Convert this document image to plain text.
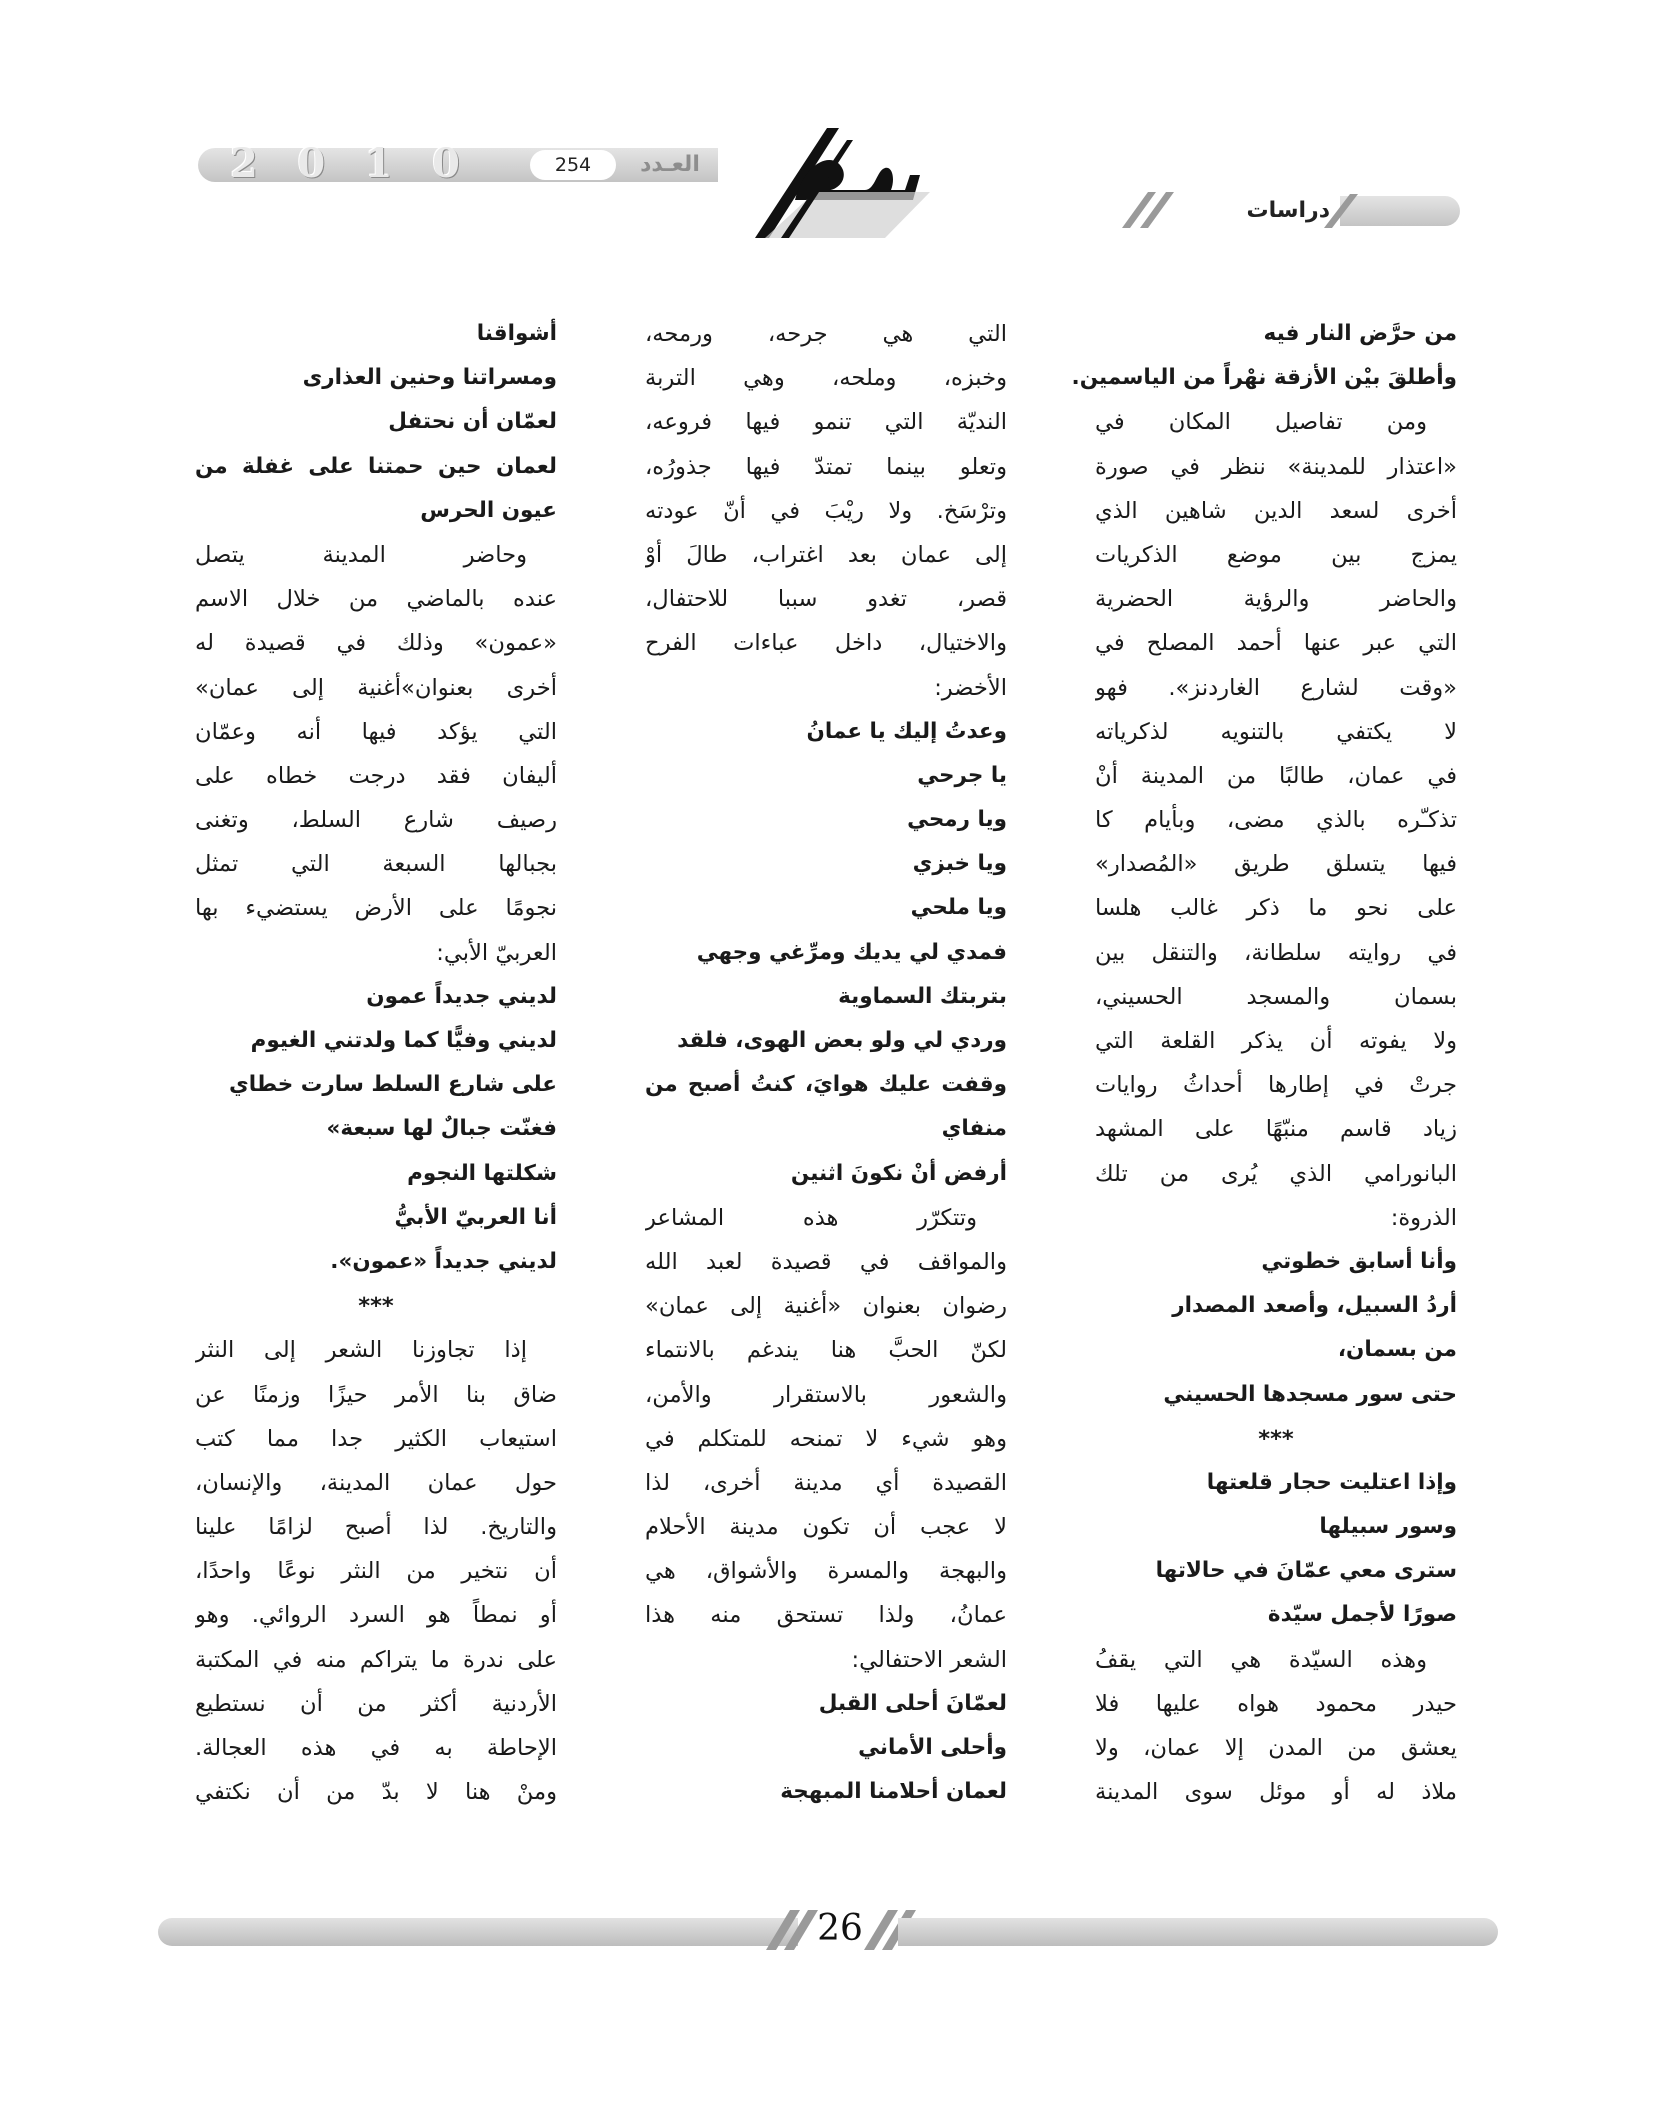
2 0 1 0	254	العـدد
دراسات
من حرَّض النار فيه
وأطلقَ بيْن الأزقة نهْراً من الياسمين.
ومن تفاصيل المكان في
«اعتذار للمدينة» ننظر في صورة
أخرى لسعد الدين شاهين الذي
يمزج بين موضع الذكريات
والحاضر والرؤية الحضرية
التي عبر عنها أحمد المصلح في
«وقت لشارع الغاردنز». فهو
لا يكتفي بالتنويه لذكرياته
في عمان، طالبًا من المدينة أنْ
تذكـّره بالذي مضى، وبأيام كا
فيها يتسلق طريق «المُصدار»
على نحو ما ذكر غالب هلسا
في روايته سلطانة، والتنقل بين
بسمان والمسجد الحسيني،
ولا يفوته أن يذكر القلعة التي
جرتْ في إطارها أحداثُ روايات
زياد قاسم منبّهًا على المشهد
البانورامي الذي يُرى من تلك
الذروة:
وأنا أسابق خطوتي
أردُ السبيل، وأصعد المصدار
من بسمان،
حتى سور مسجدها الحسيني
***
وإذا اعتليت حجار قلعتها
وسور سبيلها
سترى معي عمّانَ في حالاتها
صورًا لأجمل سيّدة
وهذه السيّدة هي التي يقفُ
حيدر محمود هواه عليها فلا
يعشق من المدن إلا عمان، ولا
ملاذ له أو موئل سوى المدينة
التي هي جرحه، ورمحه،
وخبزه، وملحه، وهي التربة
النديّة التي تنمو فيها فروعه،
وتعلو بينما تمتدّ فيها جذورُه،
وترْسَخ. ولا ريْبَ في أنّ عودته
إلى عمان بعد اغتراب، طالَ أوْ
قصر، تغدو سببا للاحتفال،
والاختيال، داخل عباءات الفرح
الأخضر:
وعدتُ إليك يا عمانُ
يا جرحي
ويا رمحي
ويا خبزي
ويا ملحي
فمدي لي يديك ومرِّغي وجهي
بتربتك السماوية
وردي لي ولو بعض الهوى، فلقد
وقفت عليك هوايَ، كنتُ أصبح من
منفاي
أرفض أنْ نكونَ اثنين
وتتكرّر هذه المشاعر
والمواقف في قصيدة لعبد الله
رضوان بعنوان «أغنية إلى عمان»
لكنّ الحبَّ هنا يندغم بالانتماء
والشعور بالاستقرار والأمن،
وهو شيء لا تمنحه للمتكلم في
القصيدة أي مدينة أخرى، لذا
لا عجب أن تكون مدينة الأحلام
والبهجة والمسرة والأشواق، هي
عمانُ، ولذا تستحق منه هذا
الشعر الاحتفالي:
لعمّانَ أحلى القبل
وأحلى الأماني
لعمان أحلامنا المبهجة
أشواقنا
ومسراتنا وحنين العذارى
لعمّان أن نحتفل
لعمان حين حمتنا على غفلة من
عيون الحرس
وحاضر المدينة يتصل
عنده بالماضي من خلال الاسم
«عمون» وذلك في قصيدة له
أخرى بعنوان»أغنية إلى عمان»
التي يؤكد فيها أنه وعمّان
أليفان فقد درجت خطاه على
رصيف شارع السلط، وتغنى
بجبالها السبعة التي تمثل
نجومًا على الأرض يستضيء بها
العربيّ الأبي:
لديني جديداً عمون
لديني وفيًّا كما ولدتني الغيوم
على شارع السلط سارت خطاي
فغنّت جبالٌ لها سبعة»
شكلتها النجوم
أنا العربيّ الأبيُّ
لديني جديداً «عمون».
***
إذا تجاوزنا الشعر إلى النثر
ضاق بنا الأمر حيزًا وزمنًا عن
استيعاب الكثير جدا مما كتب
حول عمان المدينة، والإنسان،
والتاريخ. لذا أصبح لزامًا علينا
أن نتخير من النثر نوعًا واحدًا،
أو نمطاً هو السرد الروائي. وهو
على ندرة ما يتراكم منه في المكتبة
الأردنية أكثر من أن نستطيع
الإحاطة به في هذه العجالة.
ومنْ هنا لا بدّ من أن نكتفي
26
